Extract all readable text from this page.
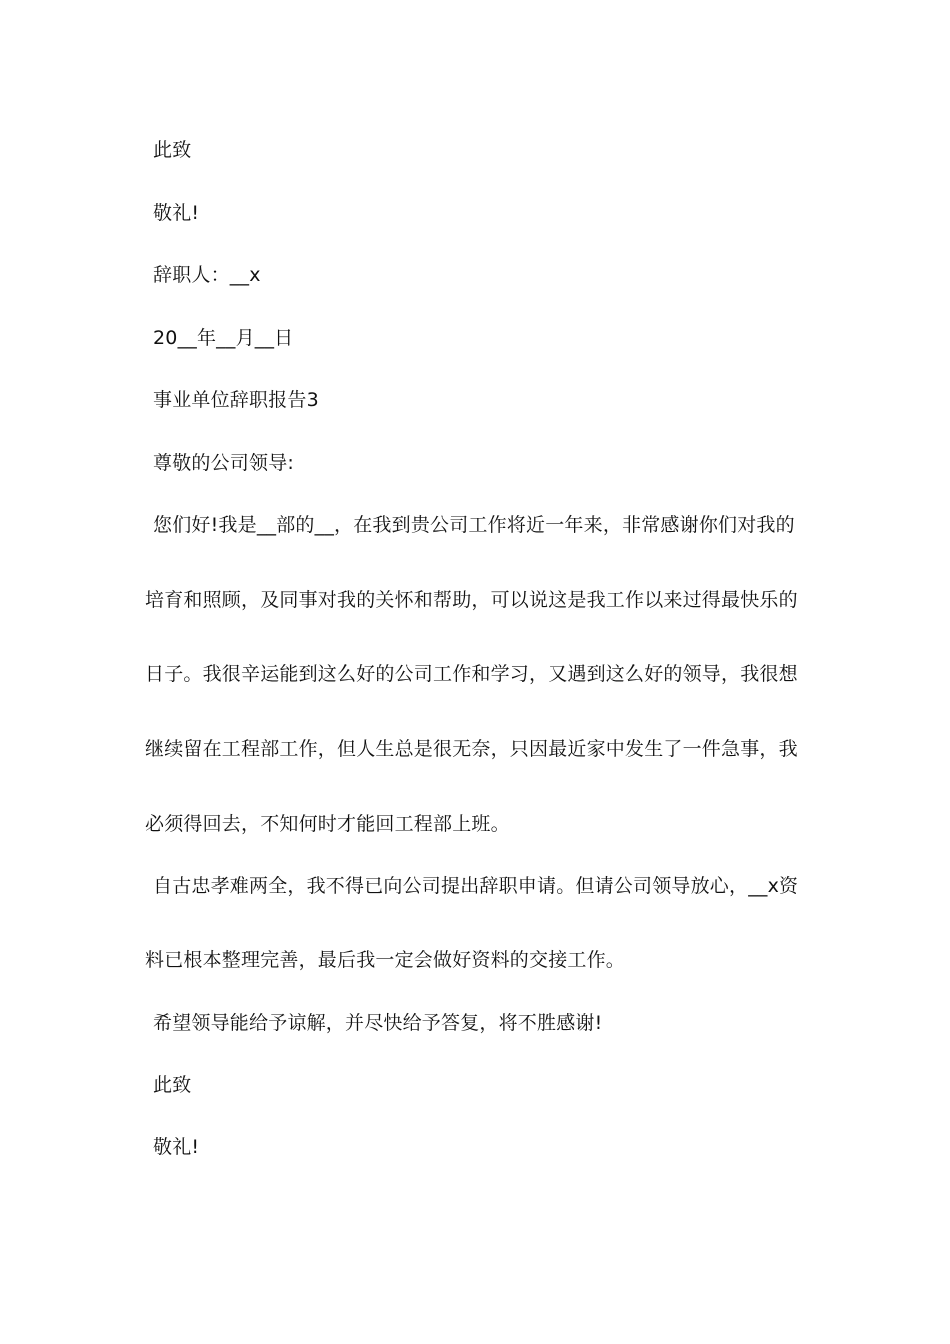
此致

敬礼!

辞职人：__x

20__年__月__日

事业单位辞职报告3

尊敬的公司领导:

您们好!我是__部的__，在我到贵公司工作将近一年来，非常感谢你们对我的

培育和照顾，及同事对我的关怀和帮助，可以说这是我工作以来过得最快乐的

日子。我很辛运能到这么好的公司工作和学习，又遇到这么好的领导，我很想

继续留在工程部工作，但人生总是很无奈，只因最近家中发生了一件急事，我

必须得回去，不知何时才能回工程部上班。

自古忠孝难两全，我不得已向公司提出辞职申请。但请公司领导放心，__x资

料已根本整理完善，最后我一定会做好资料的交接工作。

希望领导能给予谅解，并尽快给予答复，将不胜感谢!

此致

敬礼!
